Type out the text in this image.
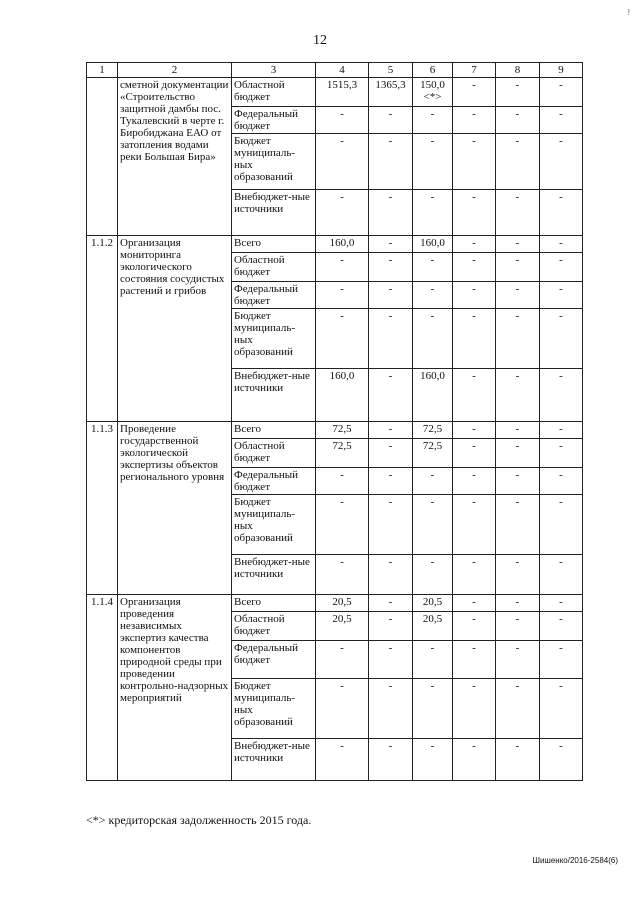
!
12
1	2	3	4	5	6	7	8	9
	сметной документации «Строительство защитной дамбы пос. Тукалевский в черте г. Биробиджана ЕАО от затопления водами реки Большая Бира»	Областной бюджет	1515,3	1365,3	150,0 <*>	-	-	-
		Федеральный бюджет	-	-	-	-	-	-
		Бюджет муниципаль-ных образований	-	-	-	-	-	-
		Внебюджет-ные источники	-	-	-	-	-	-
1.1.2	Организация мониторинга экологического состояния сосудистых растений и грибов	Всего	160,0	-	160,0	-	-	-
		Областной бюджет	-	-	-	-	-	-
		Федеральный бюджет	-	-	-	-	-	-
		Бюджет муниципаль-ных образований	-	-	-	-	-	-
		Внебюджет-ные источники	160,0	-	160,0	-	-	-
1.1.3	Проведение государственной экологической экспертизы объектов регионального уровня	Всего	72,5	-	72,5	-	-	-
		Областной бюджет	72,5	-	72,5	-	-	-
		Федеральный бюджет	-	-	-	-	-	-
		Бюджет муниципаль-ных образований	-	-	-	-	-	-
		Внебюджет-ные источники	-	-	-	-	-	-
1.1.4	Организация проведения независимых экспертиз качества компонентов природной среды при проведении контрольно-надзорных мероприятий	Всего	20,5	-	20,5	-	-	-
		Областной бюджет	20,5	-	20,5	-	-	-
		Федеральный бюджет	-	-	-	-	-	-
		Бюджет муниципаль-ных образований	-	-	-	-	-	-
		Внебюджет-ные источники	-	-	-	-	-	-
<*> кредиторская задолженность 2015 года.
Шишенко/2016-2584(6)
